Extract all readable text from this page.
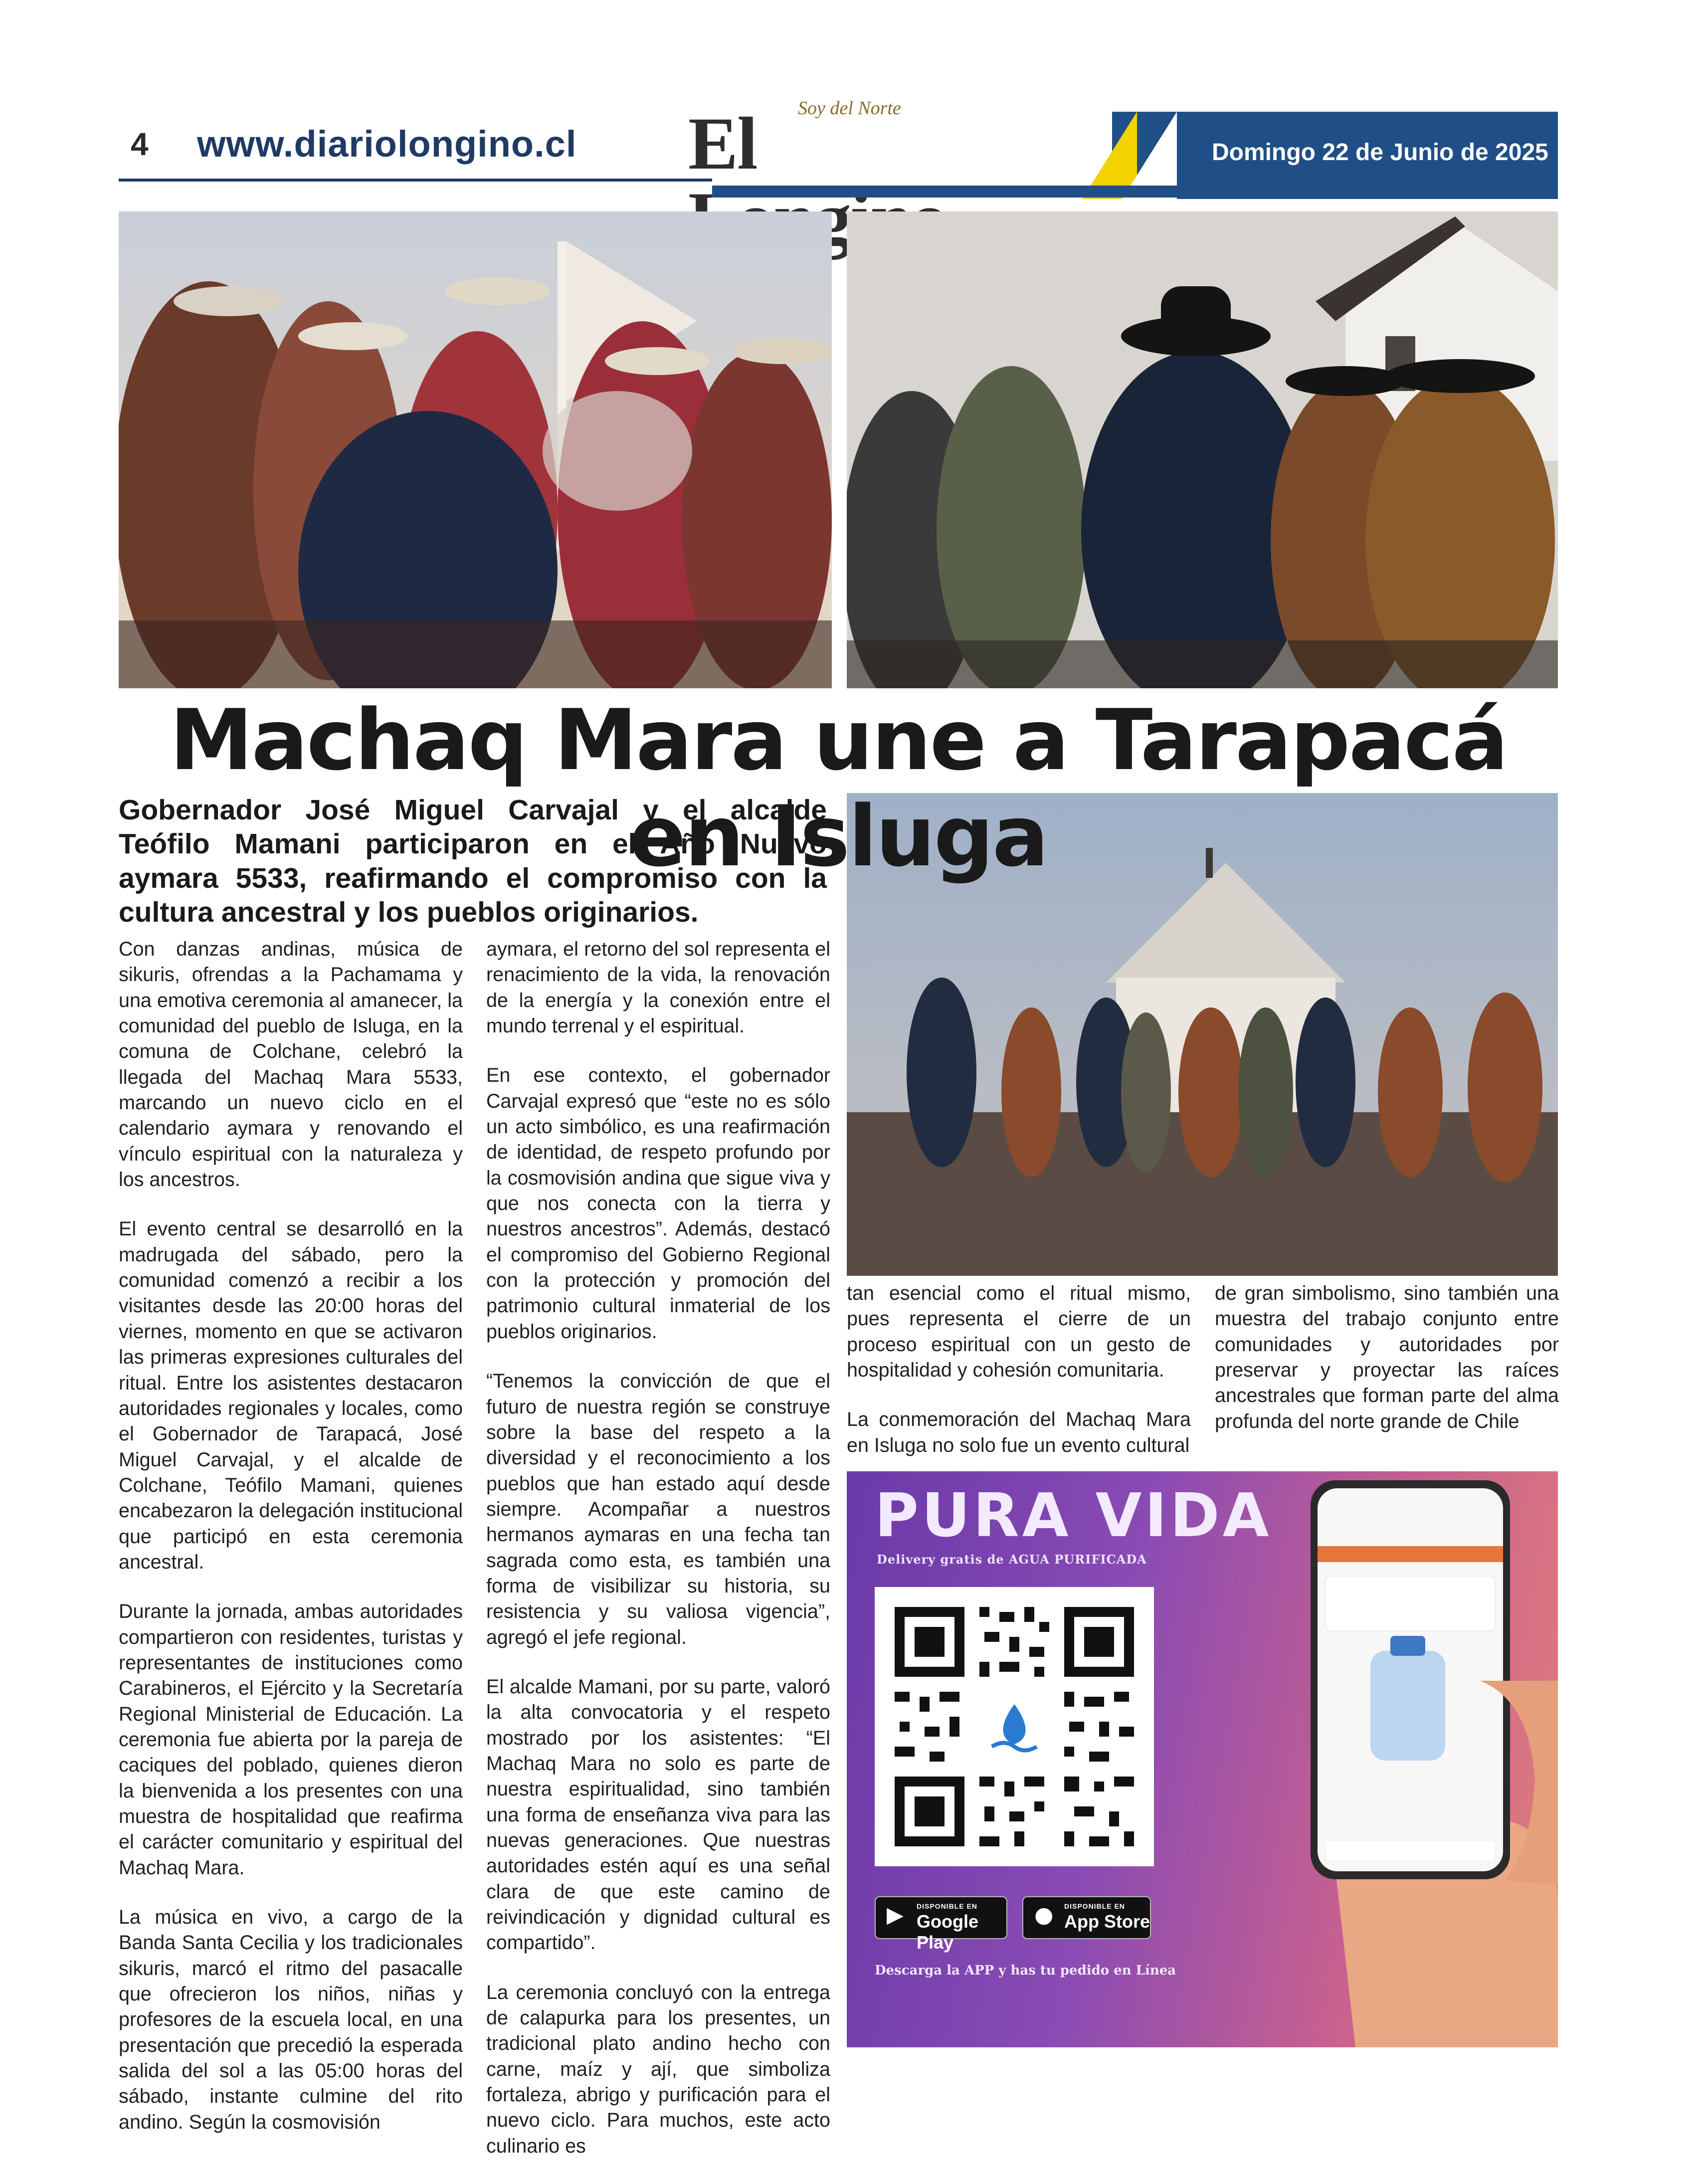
4 www.diariolongino.cl
Soy del Norte
El	Domingo 22 de Junio de 2025
Machaq Mara une a Tarapacá en Isluga
Gobernador José Miguel Carvajal y el alcalde Teófilo Mamani participaron en el Año Nuevo aymara 5533, reafirmando el compromiso con la cultura ancestral y los pueblos originarios.

Con danzas andinas, música de sikuris, ofrendas a la Pachamama y una emotiva ceremonia al amanecer, la comunidad del pueblo de Isluga, en la comuna de Colchane, celebró la llegada del Machaq Mara 5533, marcando un nuevo ciclo en el calendario aymara y renovando el vínculo espiritual con la naturaleza y los ancestros.

El evento central se desarrolló en la madrugada del sábado, pero la comunidad comenzó a recibir a los visitantes desde las 20:00 horas del viernes, momento en que se activaron las primeras expresiones culturales del ritual. Entre los asistentes destacaron autoridades regionales y locales, como el Gobernador de Tarapacá, José Miguel Carvajal, y el alcalde de Colchane, Teófilo Mamani, quienes encabezaron la delegación institucional que participó en esta ceremonia ancestral.

Durante la jornada, ambas autoridades compartieron con residentes, turistas y representantes de instituciones como Carabineros, el Ejército y la Secretaría Regional Ministerial de Educación. La ceremonia fue abierta por la pareja de caciques del poblado, quienes dieron la bienvenida a los presentes con una muestra de hospitalidad que reafirma el carácter comunitario y espiritual del Machaq Mara.

La música en vivo, a cargo de la Banda Santa Cecilia y los tradicionales sikuris, marcó el ritmo del pasacalle que ofrecieron los niños, niñas y profesores de la escuela local, en una presentación que precedió la esperada salida del sol a las 05:00 horas del sábado, instante culmine del rito andino. Según la cosmovisión

aymara, el retorno del sol representa el renacimiento de la vida, la renovación de la energía y la conexión entre el mundo terrenal y el espiritual.

En ese contexto, el gobernador Carvajal expresó que “este no es sólo un acto simbólico, es una reafirmación de identidad, de respeto profundo por la cosmovisión andina que sigue viva y que nos conecta con la tierra y nuestros ancestros”. Además, destacó el compromiso del Gobierno Regional con la protección y promoción del patrimonio cultural inmaterial de los pueblos originarios.

“Tenemos la convicción de que el futuro de nuestra región se construye sobre la base del respeto a la diversidad y el reconocimiento a los pueblos que han estado aquí desde siempre. Acompañar a nuestros hermanos aymaras en una fecha tan sagrada como esta, es también una forma de visibilizar su historia, su resistencia y su valiosa vigencia”, agregó el jefe regional.

El alcalde Mamani, por su parte, valoró la alta convocatoria y el respeto mostrado por los asistentes: “El Machaq Mara no solo es parte de nuestra espiritualidad, sino también una forma de enseñanza viva para las nuevas generaciones. Que nuestras autoridades estén aquí es una señal clara de que este camino de reivindicación y dignidad cultural es compartido”.

La ceremonia concluyó con la entrega de calapurka para los presentes, un tradicional plato andino hecho con carne, maíz y ají, que simboliza fortaleza, abrigo y purificación para el nuevo ciclo. Para muchos, este acto culinario es

tan esencial como el ritual mismo, pues representa el cierre de un proceso espiritual con un gesto de hospitalidad y cohesión comunitaria.

La conmemoración del Machaq Mara en Isluga no solo fue un evento cultural

de gran simbolismo, sino también una muestra del trabajo conjunto entre comunidades y autoridades por preservar y proyectar las raíces ancestrales que forman parte del alma profunda del norte grande de Chile

PURA VIDA
Delivery gratis de AGUA PURIFICADA
▶ DISPONIBLE EN
Google Play
● DISPONIBLE EN
App Store
Descarga la APP y has tu pedido en Línea
